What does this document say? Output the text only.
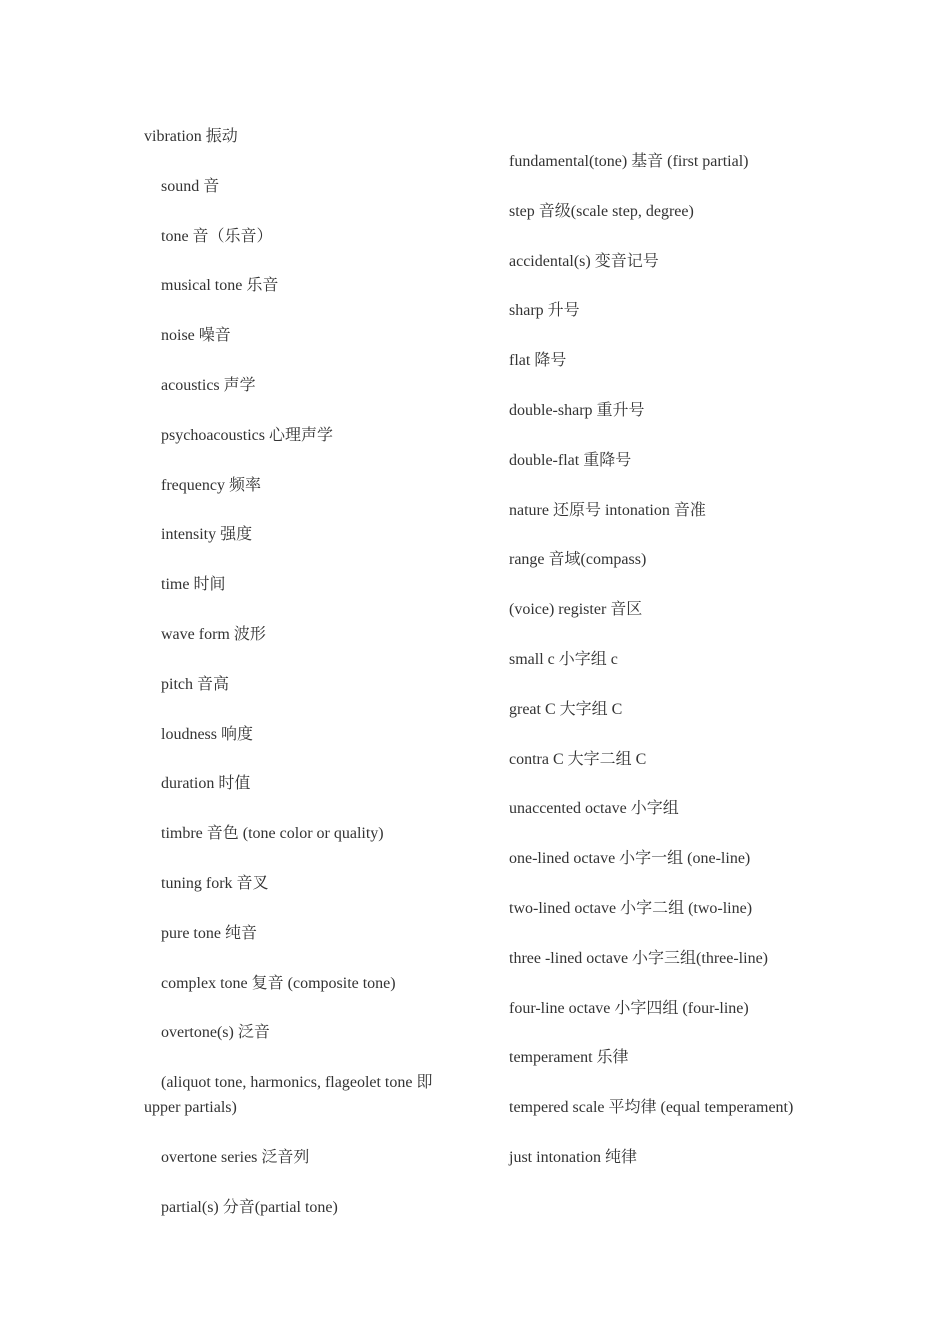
vibration 振动

sound 音

tone 音（乐音）

musical tone 乐音

noise 噪音

acoustics 声学

psychoacoustics 心理声学

frequency 频率

intensity 强度

time 时间

wave form 波形

pitch 音高

loudness 响度

duration 时值

timbre 音色 (tone color or quality)

tuning fork 音叉

pure tone 纯音

complex tone 复音 (composite tone)

overtone(s) 泛音

(aliquot tone, harmonics, flageolet tone 即 upper partials)

overtone series 泛音列

partial(s) 分音(partial tone)

fundamental(tone) 基音 (first partial)

step 音级(scale step, degree)

accidental(s) 变音记号

sharp 升号

flat 降号

double-sharp 重升号

double-flat 重降号

nature 还原号 intonation 音准

range 音域(compass)

(voice) register 音区

small c 小字组 c

great C 大字组 C

contra C 大字二组 C

unaccented octave 小字组

one-lined octave 小字一组 (one-line)

two-lined octave 小字二组 (two-line)

three -lined octave 小字三组(three-line)

four-line octave 小字四组 (four-line)

temperament 乐律

tempered scale 平均律 (equal temperament)

just intonation 纯律
